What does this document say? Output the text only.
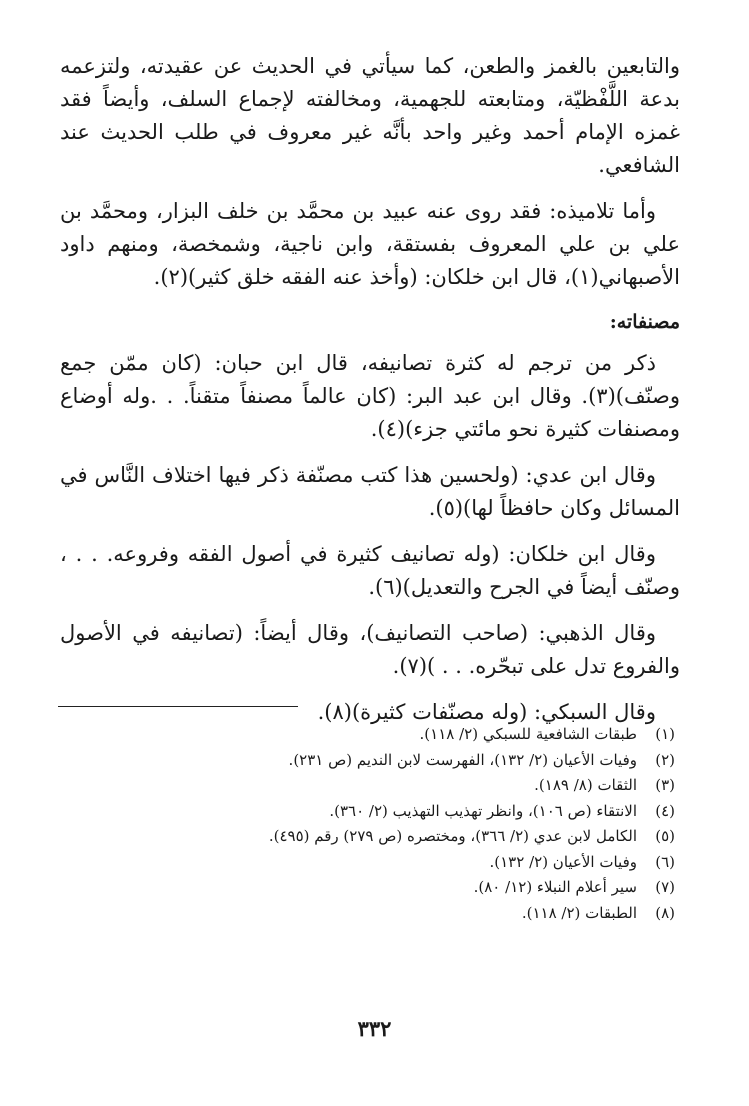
والتابعين بالغمز والطعن، كما سيأتي في الحديث عن عقيدته، ولتزعمه بدعة اللَّفْظيّة، ومتابعته للجهمية، ومخالفته لإجماع السلف، وأيضاً فقد غمزه الإمام أحمد وغير واحد بأنَّه غير معروف في طلب الحديث عند الشافعي.

وأما تلاميذه: فقد روى عنه عبيد بن محمَّد بن خلف البزار، ومحمَّد بن علي بن علي المعروف بفستقة، وابن ناجية، وشمخصة، ومنهم داود الأصبهاني(١)، قال ابن خلكان: (وأخذ عنه الفقه خلق كثير)(٢).

مصنفاته:

ذكر من ترجم له كثرة تصانيفه، قال ابن حبان: (كان ممّن جمع وصنّف)(٣). وقال ابن عبد البر: (كان عالماً مصنفاً متقناً. . .وله أوضاع ومصنفات كثيرة نحو مائتي جزء)(٤).

وقال ابن عدي: (ولحسين هذا كتب مصنّفة ذكر فيها اختلاف النَّاس في المسائل وكان حافظاً لها)(٥).

وقال ابن خلكان: (وله تصانيف كثيرة في أصول الفقه وفروعه. . . ، وصنّف أيضاً في الجرح والتعديل)(٦).

وقال الذهبي: (صاحب التصانيف)، وقال أيضاً: (تصانيفه في الأصول والفروع تدل على تبحّره. . . )(٧).

وقال السبكي: (وله مصنّفات كثيرة)(٨).

(١)
طبقات الشافعية للسبكي (٢/ ١١٨).
(٢)
وفيات الأعيان (٢/ ١٣٢)، الفهرست لابن النديم (ص ٢٣١).
(٣)
الثقات (٨/ ١٨٩).
(٤)
الانتقاء (ص ١٠٦)، وانظر تهذيب التهذيب (٢/ ٣٦٠).
(٥)
الكامل لابن عدي (٢/ ٣٦٦)، ومختصره (ص ٢٧٩) رقم (٤٩٥).
(٦)
وفيات الأعيان (٢/ ١٣٢).
(٧)
سير أعلام النبلاء (١٢/ ٨٠).
(٨)
الطبقات (٢/ ١١٨).
٣٣٢
